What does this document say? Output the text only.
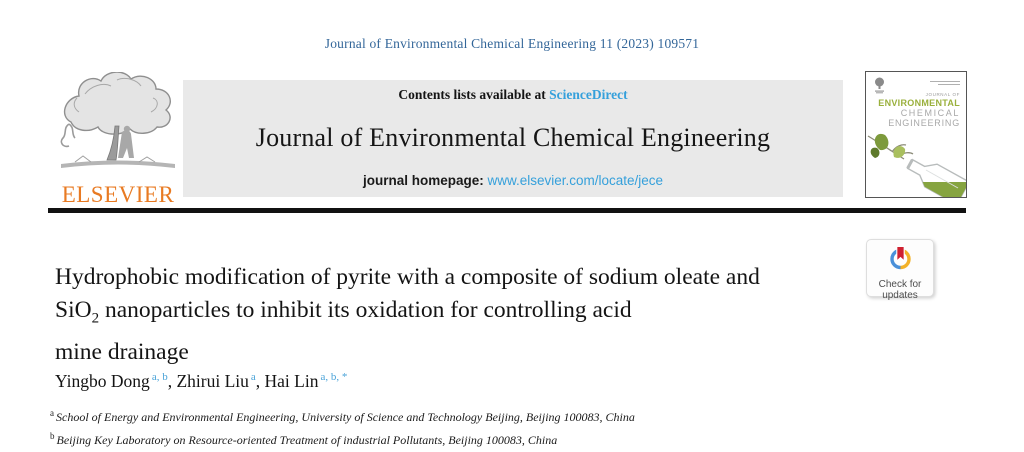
Journal of Environmental Chemical Engineering 11 (2023) 109571
ELSEVIER
Contents lists available at ScienceDirect
Journal of Environmental Chemical Engineering
journal homepage: www.elsevier.com/locate/jece
JOURNAL OF
ENVIRONMENTAL
CHEMICAL
ENGINEERING
Hydrophobic modification of pyrite with a composite of sodium oleate and
SiO$_2$ nanoparticles to inhibit its oxidation for controlling acid
mine drainage
Check for
updates
Yingbo Dong $^{a, b}$, Zhirui Liu $^a$, Hai Lin $^{a, b, *}$
$^a$ School of Energy and Environmental Engineering, University of Science and Technology Beijing, Beijing 100083, China
$^b$ Beijing Key Laboratory on Resource-oriented Treatment of industrial Pollutants, Beijing 100083, China
